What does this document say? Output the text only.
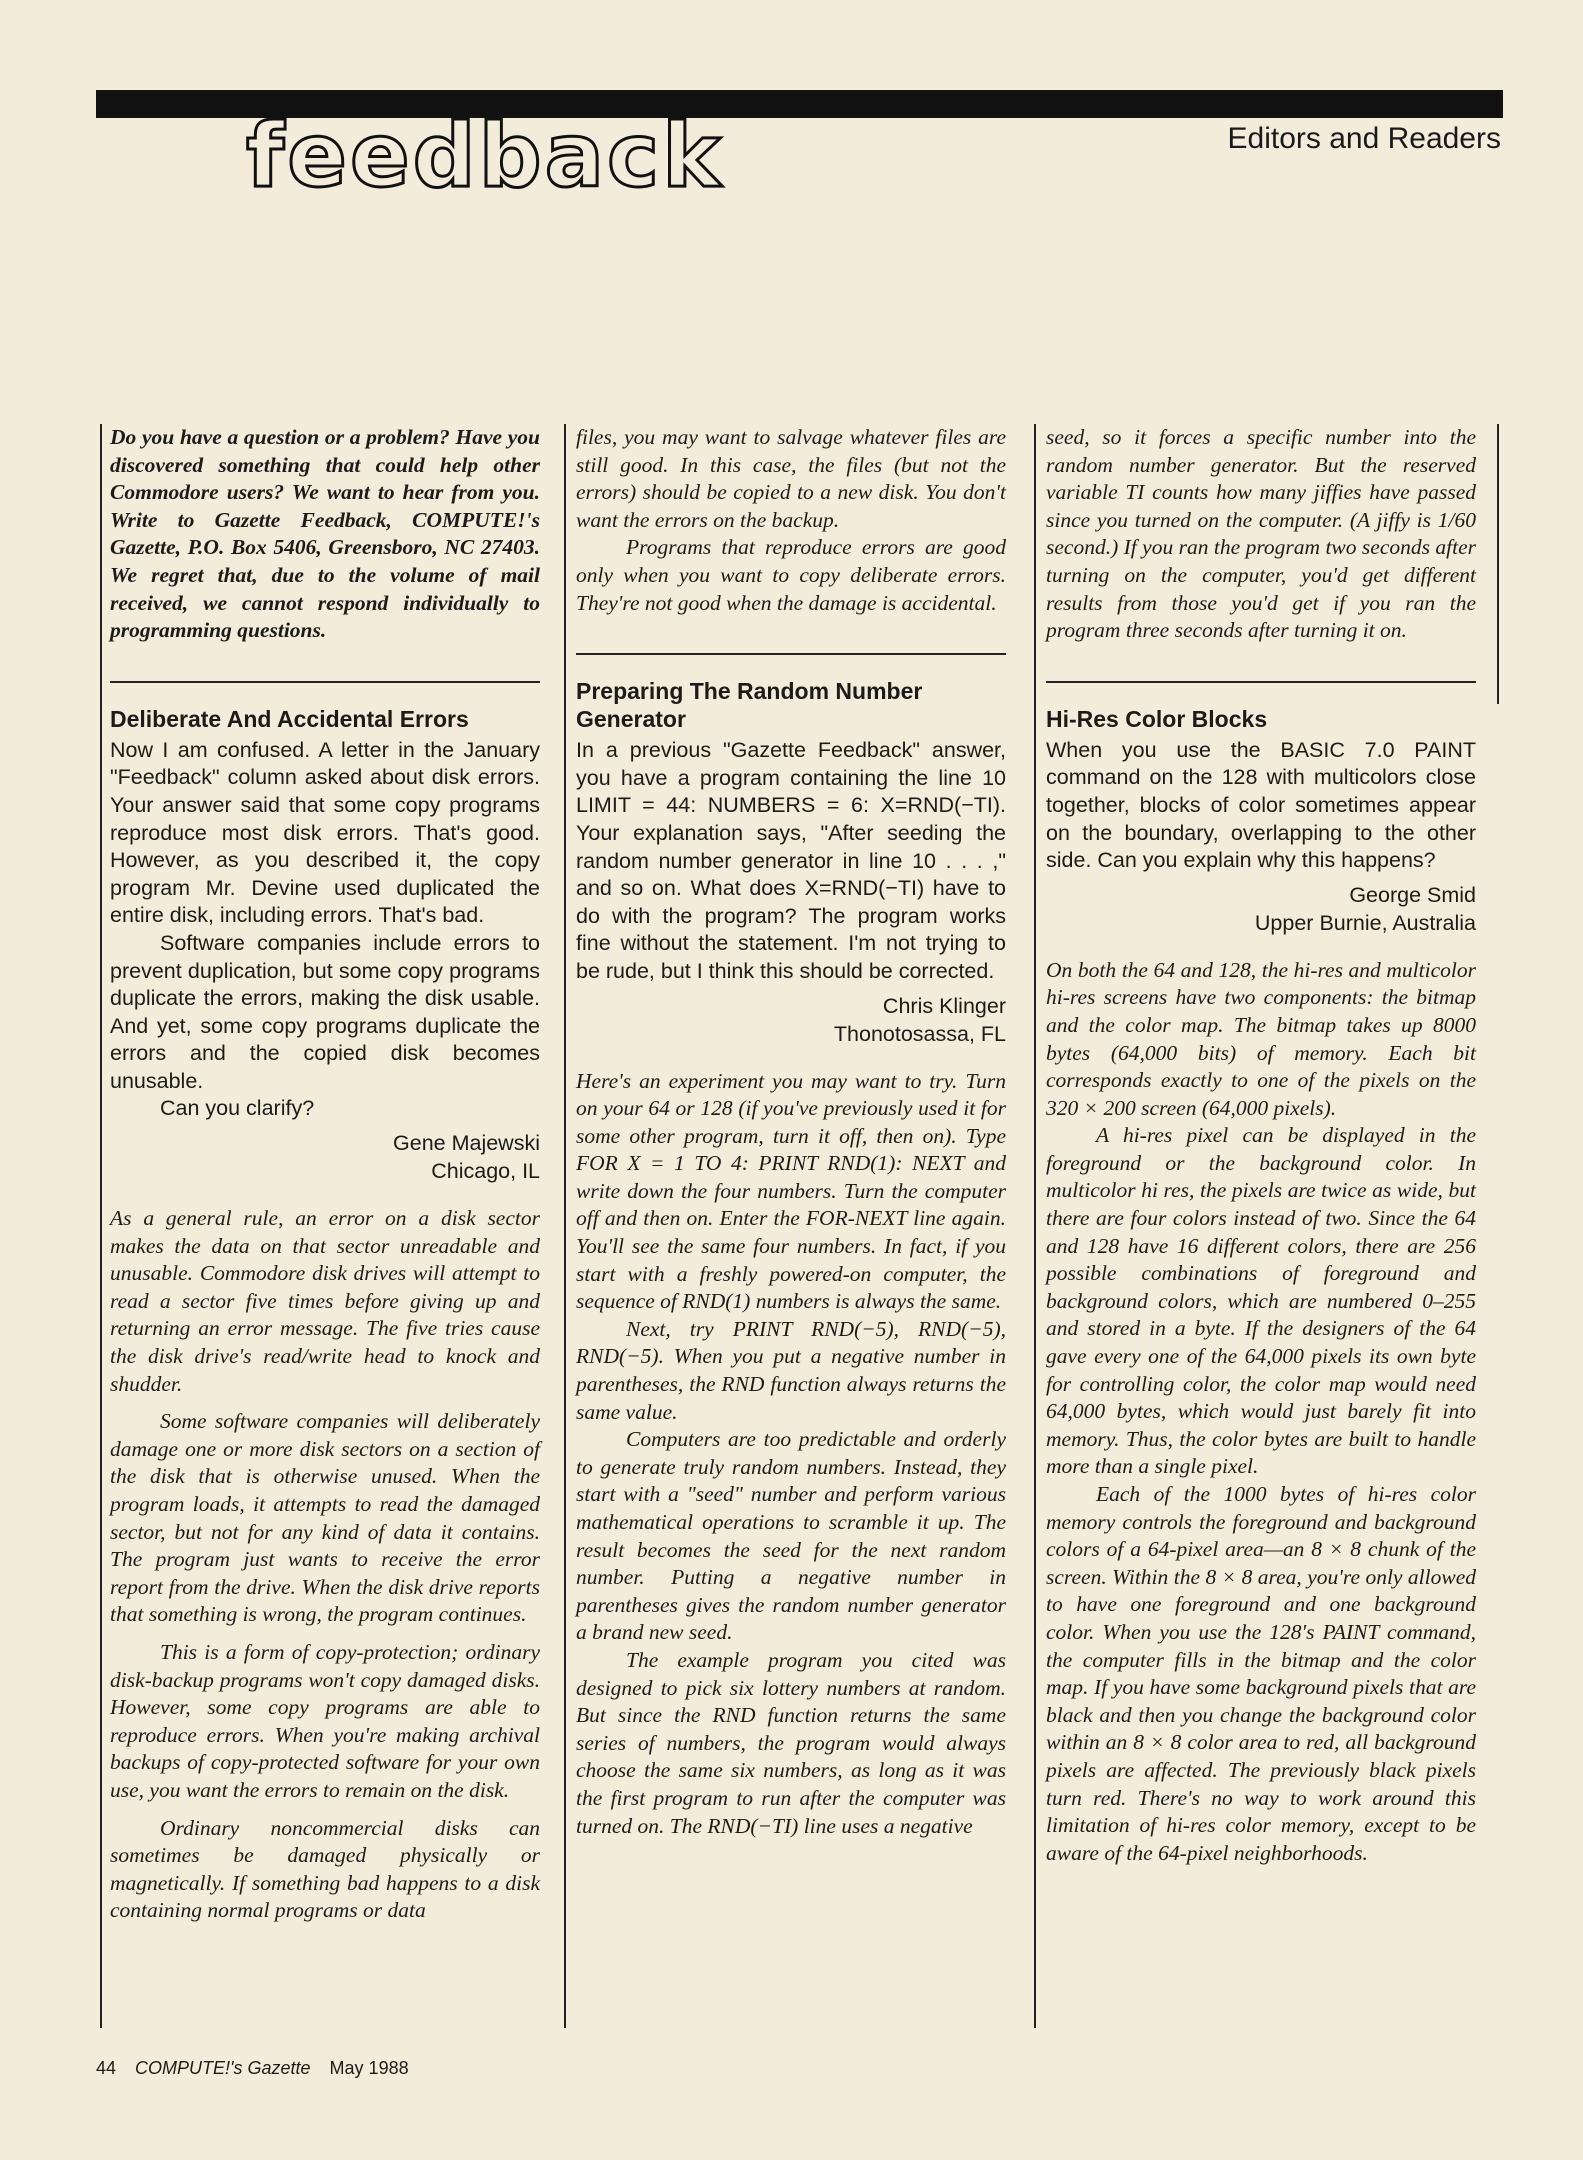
feedback	Editors and Readers

Do you have a question or a problem? Have you discovered something that could help other Commodore users? We want to hear from you. Write to Gazette Feedback, COMPUTE!'s Gazette, P.O. Box 5406, Greensboro, NC 27403. We regret that, due to the volume of mail received, we cannot respond individually to programming questions.

Deliberate And Accidental Errors

Now I am confused. A letter in the January "Feedback" column asked about disk errors. Your answer said that some copy programs reproduce most disk errors. That's good. However, as you described it, the copy program Mr. Devine used duplicated the entire disk, including errors. That's bad.

Software companies include errors to prevent duplication, but some copy programs duplicate the errors, making the disk usable. And yet, some copy programs duplicate the errors and the copied disk becomes unusable.

Can you clarify?

Gene Majewski
Chicago, IL

As a general rule, an error on a disk sector makes the data on that sector unreadable and unusable. Commodore disk drives will attempt to read a sector five times before giving up and returning an error message. The five tries cause the disk drive's read/write head to knock and shudder.

Some software companies will deliberately damage one or more disk sectors on a section of the disk that is otherwise unused. When the program loads, it attempts to read the damaged sector, but not for any kind of data it contains. The program just wants to receive the error report from the drive. When the disk drive reports that something is wrong, the program continues.

This is a form of copy-protection; ordinary disk-backup programs won't copy damaged disks. However, some copy programs are able to reproduce errors. When you're making archival backups of copy-protected software for your own use, you want the errors to remain on the disk.

Ordinary noncommercial disks can sometimes be damaged physically or magnetically. If something bad happens to a disk containing normal programs or data

files, you may want to salvage whatever files are still good. In this case, the files (but not the errors) should be copied to a new disk. You don't want the errors on the backup.

Programs that reproduce errors are good only when you want to copy deliberate errors. They're not good when the damage is accidental.

Preparing The Random Number Generator

In a previous "Gazette Feedback" answer, you have a program containing the line 10 LIMIT = 44: NUMBERS = 6: X=RND(−TI). Your explanation says, "After seeding the random number generator in line 10 . . . ," and so on. What does X=RND(−TI) have to do with the program? The program works fine without the statement. I'm not trying to be rude, but I think this should be corrected.

Chris Klinger
Thonotosassa, FL

Here's an experiment you may want to try. Turn on your 64 or 128 (if you've previously used it for some other program, turn it off, then on). Type FOR X = 1 TO 4: PRINT RND(1): NEXT and write down the four numbers. Turn the computer off and then on. Enter the FOR-NEXT line again. You'll see the same four numbers. In fact, if you start with a freshly powered-on computer, the sequence of RND(1) numbers is always the same.

Next, try PRINT RND(−5), RND(−5), RND(−5). When you put a negative number in parentheses, the RND function always returns the same value.

Computers are too predictable and orderly to generate truly random numbers. Instead, they start with a "seed" number and perform various mathematical operations to scramble it up. The result becomes the seed for the next random number. Putting a negative number in parentheses gives the random number generator a brand new seed.

The example program you cited was designed to pick six lottery numbers at random. But since the RND function returns the same series of numbers, the program would always choose the same six numbers, as long as it was the first program to run after the computer was turned on. The RND(−TI) line uses a negative

seed, so it forces a specific number into the random number generator. But the reserved variable TI counts how many jiffies have passed since you turned on the computer. (A jiffy is 1/60 second.) If you ran the program two seconds after turning on the computer, you'd get different results from those you'd get if you ran the program three seconds after turning it on.

Hi-Res Color Blocks

When you use the BASIC 7.0 PAINT command on the 128 with multicolors close together, blocks of color sometimes appear on the boundary, overlapping to the other side. Can you explain why this happens?

George Smid
Upper Burnie, Australia

On both the 64 and 128, the hi-res and multicolor hi-res screens have two components: the bitmap and the color map. The bitmap takes up 8000 bytes (64,000 bits) of memory. Each bit corresponds exactly to one of the pixels on the 320 × 200 screen (64,000 pixels).

A hi-res pixel can be displayed in the foreground or the background color. In multicolor hi res, the pixels are twice as wide, but there are four colors instead of two. Since the 64 and 128 have 16 different colors, there are 256 possible combinations of foreground and background colors, which are numbered 0–255 and stored in a byte. If the designers of the 64 gave every one of the 64,000 pixels its own byte for controlling color, the color map would need 64,000 bytes, which would just barely fit into memory. Thus, the color bytes are built to handle more than a single pixel.

Each of the 1000 bytes of hi-res color memory controls the foreground and background colors of a 64-pixel area—an 8 × 8 chunk of the screen. Within the 8 × 8 area, you're only allowed to have one foreground and one background color. When you use the 128's PAINT command, the computer fills in the bitmap and the color map. If you have some background pixels that are black and then you change the background color within an 8 × 8 color area to red, all background pixels are affected. The previously black pixels turn red. There's no way to work around this limitation of hi-res color memory, except to be aware of the 64-pixel neighborhoods.

44 COMPUTE!'s Gazette May 1988
